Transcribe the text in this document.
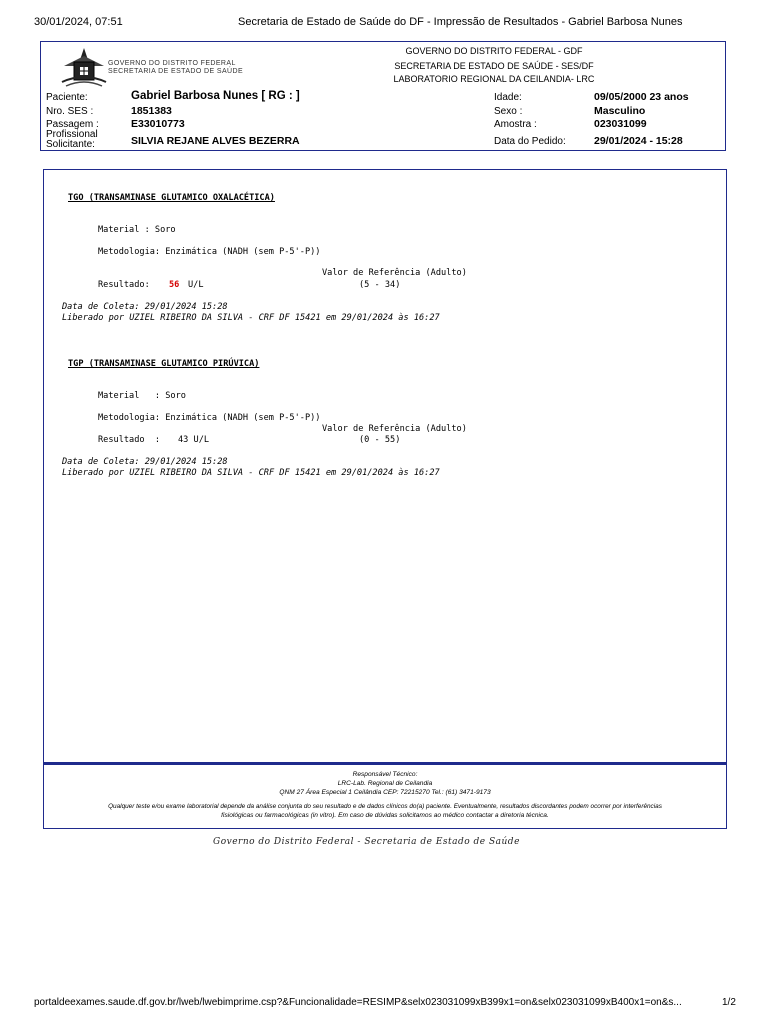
30/01/2024, 07:51	Secretaria de Estado de Saúde do DF - Impressão de Resultados - Gabriel Barbosa Nunes
GOVERNO DO DISTRITO FEDERAL
SECRETARIA DE ESTADO DE SAÚDE
GOVERNO DO DISTRITO FEDERAL - GDF
SECRETARIA DE ESTADO DE SAÚDE - SES/DF
LABORATORIO REGIONAL DA CEILANDIA- LRC
Paciente:	Gabriel Barbosa Nunes [ RG : ]
Nro. SES :	1851383
Passagem :	E33010773
Profissional
Solicitante:	SILVIA REJANE ALVES BEZERRA
Idade:	09/05/2000 23 anos
Sexo :	Masculino
Amostra :	023031099
Data do Pedido:	29/01/2024 - 15:28
TGO (TRANSAMINASE GLUTAMICO OXALACÉTICA)
Material : Soro
Metodologia: Enzimática (NADH (sem P-5'-P))
Valor de Referência (Adulto)
Resultado: 56 U/L	(5 - 34)
Data de Coleta: 29/01/2024 15:28
Liberado por UZIEL RIBEIRO DA SILVA - CRF DF 15421 em 29/01/2024 às 16:27
TGP (TRANSAMINASE GLUTAMICO PIRÚVICA)
Material   : Soro
Metodologia: Enzimática (NADH (sem P-5'-P))
Valor de Referência (Adulto)
Resultado  : 43 U/L	(0 - 55)
Data de Coleta: 29/01/2024 15:28
Liberado por UZIEL RIBEIRO DA SILVA - CRF DF 15421 em 29/01/2024 às 16:27
Responsável Técnico:
LRC-Lab. Regional de Ceilandia
QNM 27 Área Especial 1 Ceilândia CEP: 72215270 Tel.: (61) 3471-9173
Qualquer teste e/ou exame laboratorial depende da análise conjunta do seu resultado e de dados clínicos do(a) paciente. Eventualmente, resultados discordantes podem ocorrer por interferências
fisiológicas ou farmacológicas (in vitro). Em caso de dúvidas solicitamos ao médico contactar a diretoria técnica.
Governo do Distrito Federal - Secretaria de Estado de Saúde
portaldeexames.saude.df.gov.br/lweb/lwebimprime.csp?&Funcionalidade=RESIMP&selx023031099xB399x1=on&selx023031099xB400x1=on&s...	1/2
